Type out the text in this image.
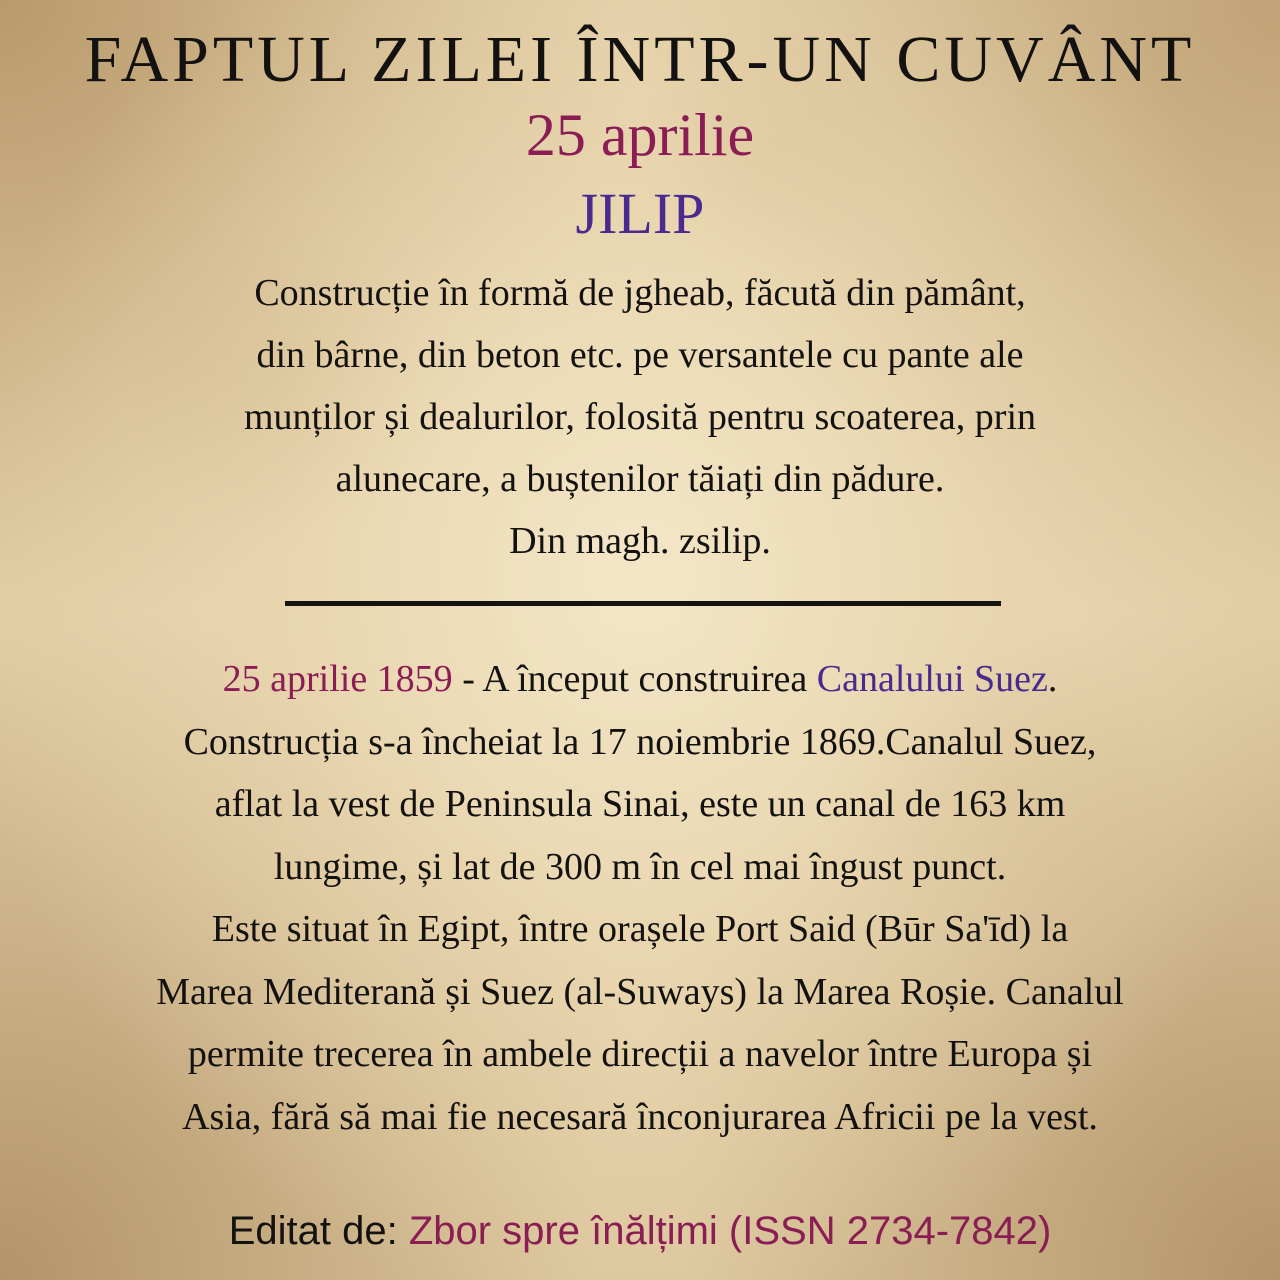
FAPTUL ZILEI ÎNTR-UN CUVÂNT
25 aprilie
JILIP
Construcție în formă de jgheab, făcută din pământ,
din bârne, din beton etc. pe versantele cu pante ale
munților și dealurilor, folosită pentru scoaterea, prin
alunecare, a buștenilor tăiați din pădure.
Din magh. zsilip.
25 aprilie 1859 - A început construirea Canalului Suez.
Construcția s-a încheiat la 17 noiembrie 1869.Canalul Suez,
aflat la vest de Peninsula Sinai, este un canal de 163 km
lungime, și lat de 300 m în cel mai îngust punct.
Este situat în Egipt, între orașele Port Said (Būr Sa'īd) la
Marea Mediterană și Suez (al-Suways) la Marea Roșie. Canalul
permite trecerea în ambele direcții a navelor între Europa și
Asia, fără să mai fie necesară înconjurarea Africii pe la vest.
Editat de: Zbor spre înălțimi (ISSN 2734-7842)
